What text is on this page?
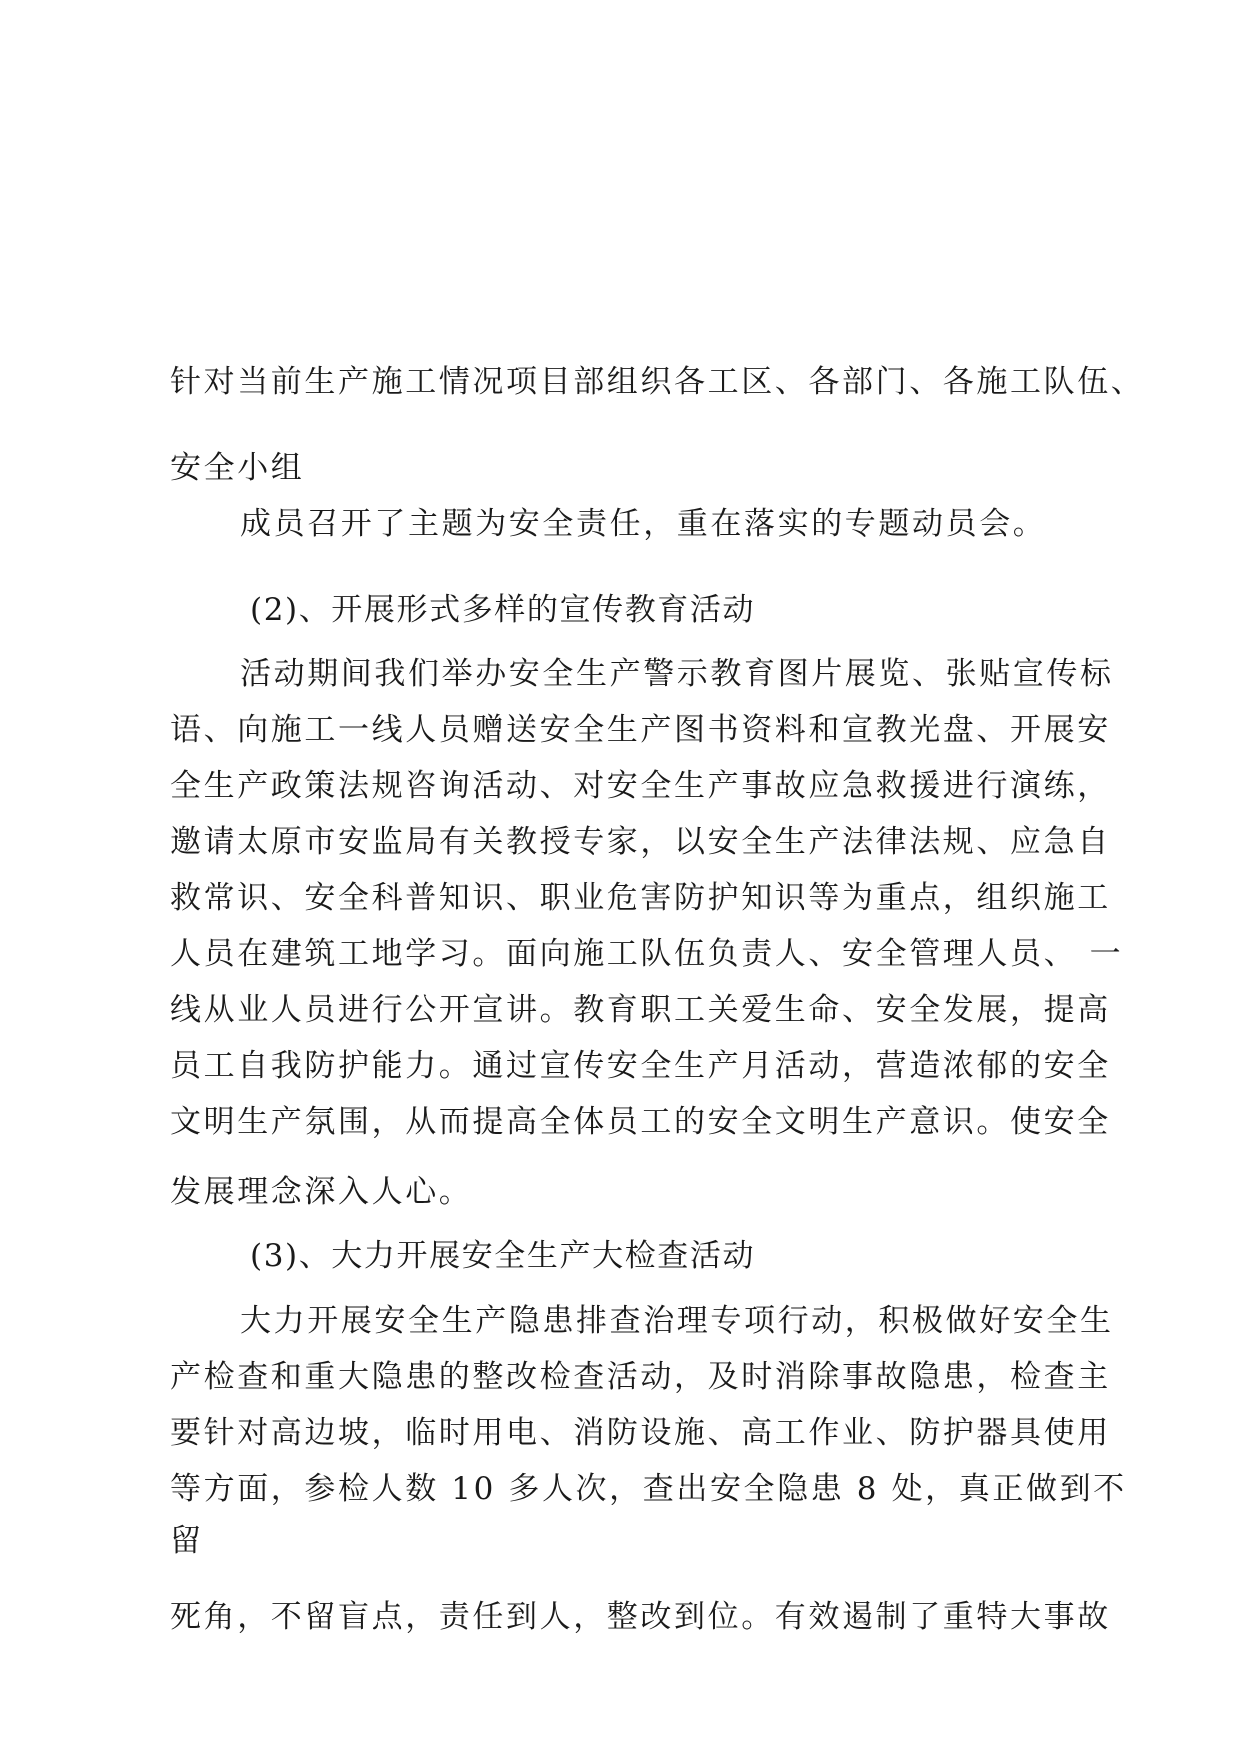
针对当前生产施工情况项目部组织各工区、各部门、各施工队伍、
安全小组
成员召开了主题为安全责任，重在落实的专题动员会。
(2)、开展形式多样的宣传教育活动
活动期间我们举办安全生产警示教育图片展览、张贴宣传标
语、向施工一线人员赠送安全生产图书资料和宣教光盘、开展安
全生产政策法规咨询活动、对安全生产事故应急救援进行演练，
邀请太原市安监局有关教授专家，以安全生产法律法规、应急自
救常识、安全科普知识、职业危害防护知识等为重点，组织施工
人员在建筑工地学习。面向施工队伍负责人、安全管理人员、 一
线从业人员进行公开宣讲。教育职工关爱生命、安全发展，提高
员工自我防护能力。通过宣传安全生产月活动，营造浓郁的安全
文明生产氛围，从而提高全体员工的安全文明生产意识。使安全
发展理念深入人心。
(3)、大力开展安全生产大检查活动
大力开展安全生产隐患排查治理专项行动，积极做好安全生
产检查和重大隐患的整改检查活动，及时消除事故隐患，检查主
要针对高边坡，临时用电、消防设施、高工作业、防护器具使用
等方面，参检人数 10 多人次，查出安全隐患 8 处，真正做到不
留
死角，不留盲点，责任到人，整改到位。有效遏制了重特大事故
